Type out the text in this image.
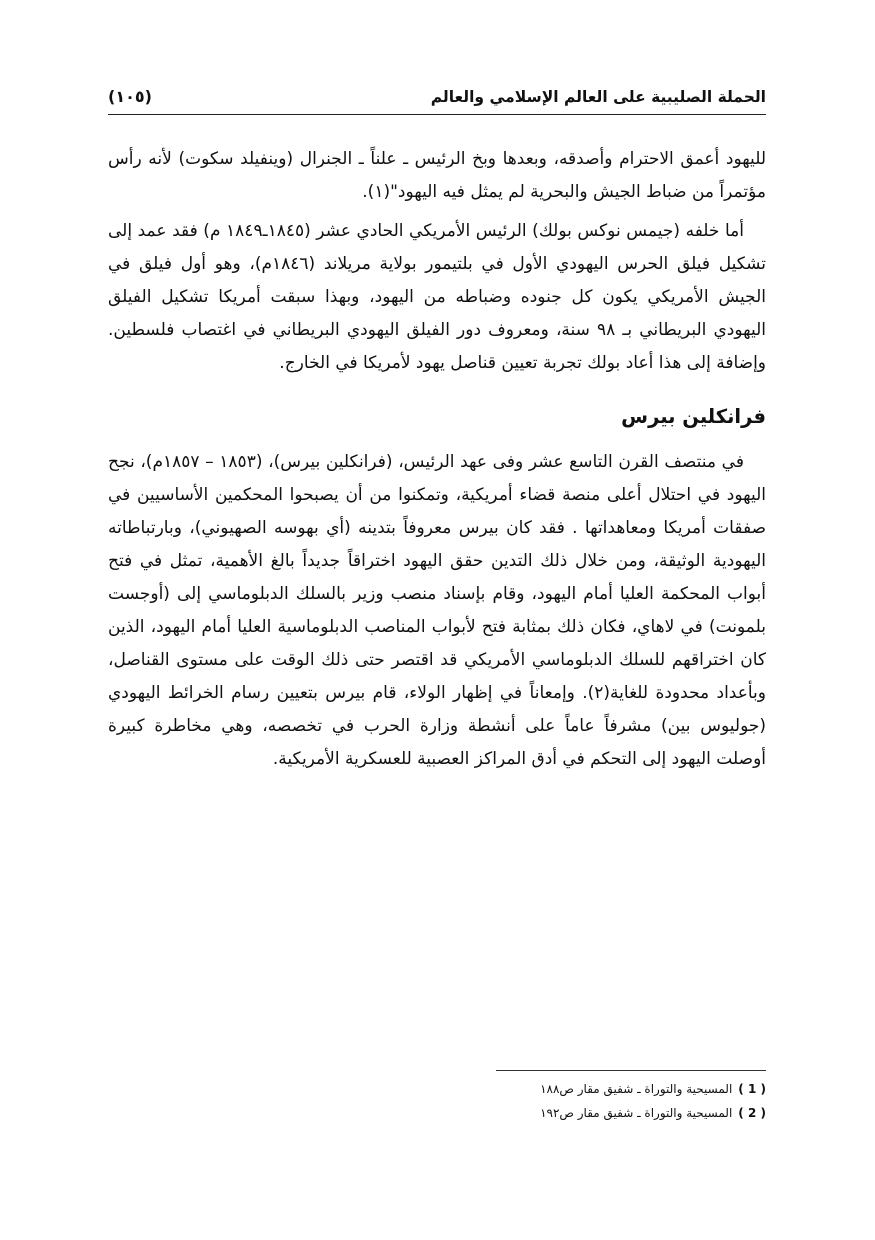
الحملة الصليبية على العالم الإسلامي والعالم
(١٠٥)

لليهود أعمق الاحترام وأصدقه، وبعدها وبخ الرئيس ـ علناً ـ الجنرال (وينفيلد سكوت) لأنه رأس مؤتمراً من ضباط الجيش والبحرية لم يمثل فيه اليهود"(١).

أما خلفه (جيمس نوكس بولك) الرئيس الأمريكي الحادي عشر (١٨٤٥ـ١٨٤٩ م) فقد عمد إلى تشكيل فيلق الحرس اليهودي الأول في بلتيمور بولاية مريلاند (١٨٤٦م)، وهو أول فيلق في الجيش الأمريكي يكون كل جنوده وضباطه من اليهود، وبهذا سبقت أمريكا تشكيل الفيلق اليهودي البريطاني بـ ٩٨ سنة، ومعروف دور الفيلق اليهودي البريطاني في اغتصاب فلسطين. وإضافة إلى هذا أعاد بولك تجربة تعيين قناصل يهود لأمريكا في الخارج.

فرانكلين بيرس

في منتصف القرن التاسع عشر وفى عهد الرئيس، (فرانكلين بيرس)، (١٨٥٣ – ١٨٥٧م)، نجح اليهود في احتلال أعلى منصة قضاء أمريكية، وتمكنوا من أن يصبحوا المحكمين الأساسيين في صفقات أمريكا ومعاهداتها . فقد كان بيرس معروفاً بتدينه (أي بهوسه الصهيوني)، وبارتباطاته اليهودية الوثيقة، ومن خلال ذلك التدين حقق اليهود اختراقاً جديداً بالغ الأهمية، تمثل في فتح أبواب المحكمة العليا أمام اليهود، وقام بإسناد منصب وزير بالسلك الدبلوماسي إلى (أوجست بلمونت) في لاهاي، فكان ذلك بمثابة فتح لأبواب المناصب الدبلوماسية العليا أمام اليهود، الذين كان اختراقهم للسلك الدبلوماسي الأمريكي قد اقتصر حتى ذلك الوقت على مستوى القناصل، وبأعداد محدودة للغاية(٢). وإمعاناً في إظهار الولاء، قام بيرس بتعيين رسام الخرائط اليهودي (جوليوس بين) مشرفاً عاماً على أنشطة وزارة الحرب في تخصصه، وهي مخاطرة كبيرة أوصلت اليهود إلى التحكم في أدق المراكز العصبية للعسكرية الأمريكية.

( 1 )
المسيحية والتوراة ـ شفيق مقار ص١٨٨
( 2 )
المسيحية والتوراة ـ شفيق مقار ص١٩٢
